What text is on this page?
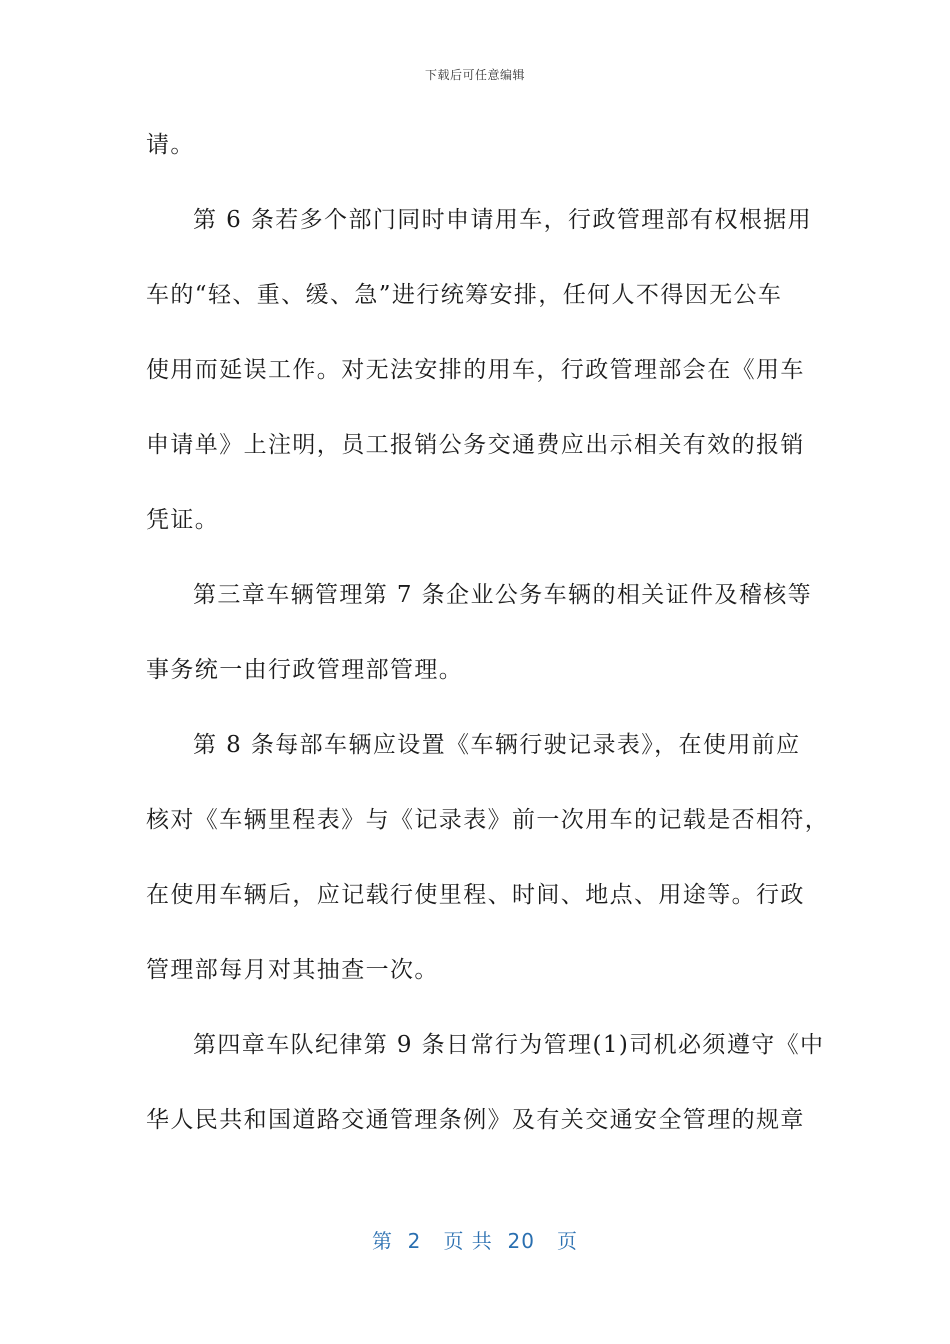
下载后可任意编辑
请。
第 6 条若多个部门同时申请用车，行政管理部有权根据用
车的“轻、重、缓、急”进行统筹安排，任何人不得因无公车
使用而延误工作。对无法安排的用车，行政管理部会在《用车
申请单》上注明，员工报销公务交通费应出示相关有效的报销
凭证。
第三章车辆管理第 7 条企业公务车辆的相关证件及稽核等
事务统一由行政管理部管理。
第 8 条每部车辆应设置《车辆行驶记录表》，在使用前应
核对《车辆里程表》与《记录表》前一次用车的记载是否相符，
在使用车辆后，应记载行使里程、时间、地点、用途等。行政
管理部每月对其抽查一次。
第四章车队纪律第 9 条日常行为管理(1)司机必须遵守《中
华人民共和国道路交通管理条例》及有关交通安全管理的规章
第  2   页 共  20   页
